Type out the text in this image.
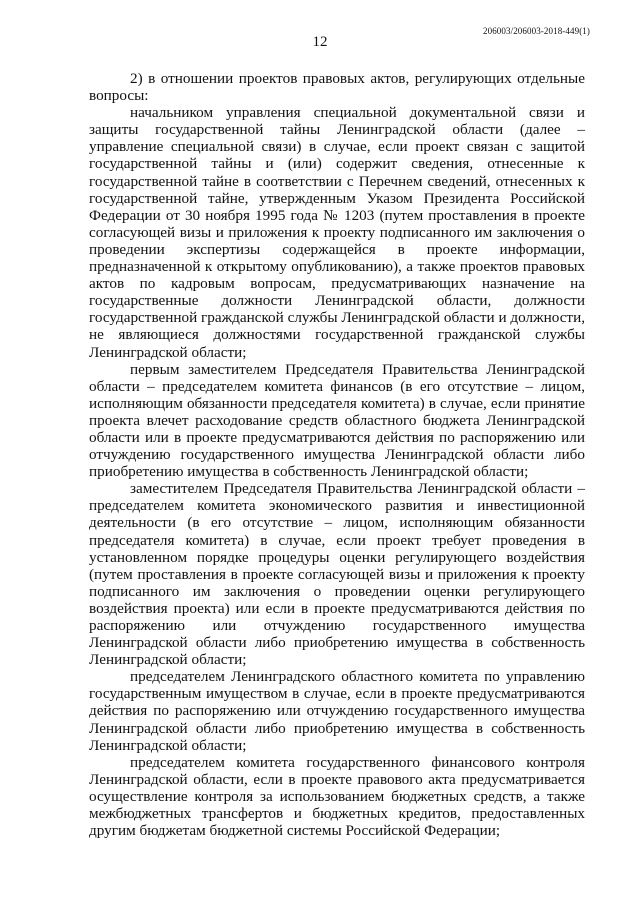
206003/206003-2018-449(1)
12

2) в отношении проектов правовых актов, регулирующих отдельные вопросы:

начальником управления специальной документальной связи и защиты государственной тайны Ленинградской области (далее – управление специальной связи) в случае, если проект связан с защитой государственной тайны и (или) содержит сведения, отнесенные к государственной тайне в соответствии с Перечнем сведений, отнесенных к государственной тайне, утвержденным Указом Президента Российской Федерации от 30 ноября 1995 года № 1203 (путем проставления в проекте согласующей визы и приложения к проекту подписанного им заключения о проведении экспертизы содержащейся в проекте информации, предназначенной к открытому опубликованию), а также проектов правовых актов по кадровым вопросам, предусматривающих назначение на государственные должности Ленинградской области, должности государственной гражданской службы Ленинградской области и должности, не являющиеся должностями государственной гражданской службы Ленинградской области;

первым заместителем Председателя Правительства Ленинградской области – председателем комитета финансов (в его отсутствие – лицом, исполняющим обязанности председателя комитета) в случае, если принятие проекта влечет расходование средств областного бюджета Ленинградской области или в проекте предусматриваются действия по распоряжению или отчуждению государственного имущества Ленинградской области либо приобретению имущества в собственность Ленинградской области;

заместителем Председателя Правительства Ленинградской области – председателем комитета экономического развития и инвестиционной деятельности (в его отсутствие – лицом, исполняющим обязанности председателя комитета) в случае, если проект требует проведения в установленном порядке процедуры оценки регулирующего воздействия (путем проставления в проекте согласующей визы и приложения к проекту подписанного им заключения о проведении оценки регулирующего воздействия проекта) или если в проекте предусматриваются действия по распоряжению или отчуждению государственного имущества Ленинградской области либо приобретению имущества в собственность Ленинградской области;

председателем Ленинградского областного комитета по управлению государственным имуществом в случае, если в проекте предусматриваются действия по распоряжению или отчуждению государственного имущества Ленинградской области либо приобретению имущества в собственность Ленинградской области;

председателем комитета государственного финансового контроля Ленинградской области, если в проекте правового акта предусматривается осуществление контроля за использованием бюджетных средств, а также межбюджетных трансфертов и бюджетных кредитов, предоставленных другим бюджетам бюджетной системы Российской Федерации;
